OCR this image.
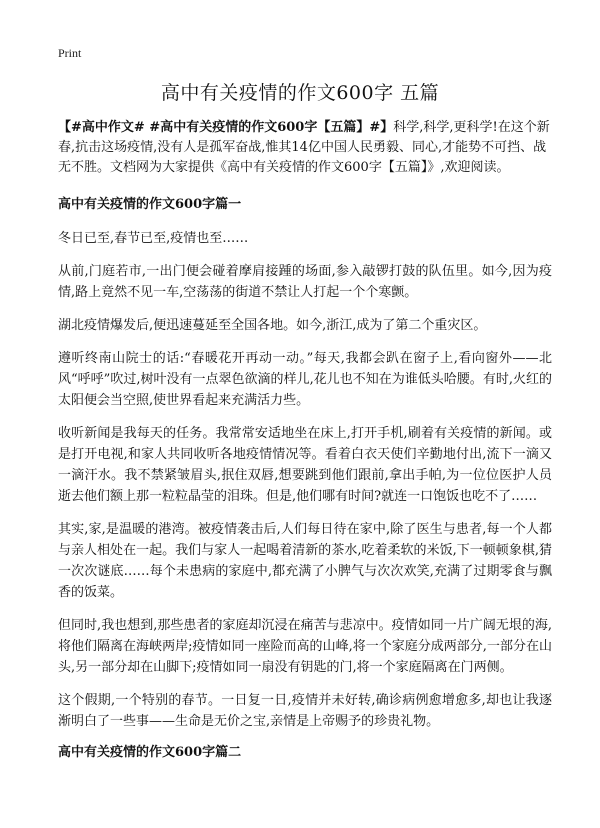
Print
高中有关疫情的作文600字 五篇

【#高中作文# #高中有关疫情的作文600字【五篇】#】科学,科学,更科学!在这个新春,抗击这场疫情,没有人是孤军奋战,惟其14亿中国人民勇毅、同心,才能势不可挡、战无不胜。文档网为大家提供《高中有关疫情的作文600字【五篇】》,欢迎阅读。

高中有关疫情的作文600字篇一

冬日已至,春节已至,疫情也至……

从前,门庭若市,一出门便会碰着摩肩接踵的场面,参入敲锣打鼓的队伍里。如今,因为疫情,路上竟然不见一车,空荡荡的街道不禁让人打起一个个寒颤。

湖北疫情爆发后,便迅速蔓延至全国各地。如今,浙江,成为了第二个重灾区。

遵听终南山院士的话:“春暖花开再动一动。”每天,我都会趴在窗子上,看向窗外——北风“呼呼”吹过,树叶没有一点翠色欲滴的样儿,花儿也不知在为谁低头哈腰。有时,火红的太阳便会当空照,使世界看起来充满活力些。

收听新闻是我每天的任务。我常常安适地坐在床上,打开手机,刷着有关疫情的新闻。或是打开电视,和家人共同收听各地疫情情况等。看着白衣天使们辛勤地付出,流下一滴又一滴汗水。我不禁紧皱眉头,抿住双唇,想要跳到他们跟前,拿出手帕,为一位位医护人员逝去他们额上那一粒粒晶莹的泪珠。但是,他们哪有时间?就连一口饱饭也吃不了……

其实,家,是温暖的港湾。被疫情袭击后,人们每日待在家中,除了医生与患者,每一个人都与亲人相处在一起。我们与家人一起喝着清新的茶水,吃着柔软的米饭,下一顿顿象棋,猜一次次谜底……每个未患病的家庭中,都充满了小脾气与次次欢笑,充满了过期零食与飘香的饭菜。

但同时,我也想到,那些患者的家庭却沉浸在痛苦与悲凉中。疫情如同一片广阔无垠的海,将他们隔离在海峡两岸;疫情如同一座险而高的山峰,将一个家庭分成两部分,一部分在山头,另一部分却在山脚下;疫情如同一扇没有钥匙的门,将一个家庭隔离在门两侧。

这个假期,一个特别的春节。一日复一日,疫情并未好转,确诊病例愈增愈多,却也让我逐渐明白了一些事——生命是无价之宝,亲情是上帝赐予的珍贵礼物。

高中有关疫情的作文600字篇二
